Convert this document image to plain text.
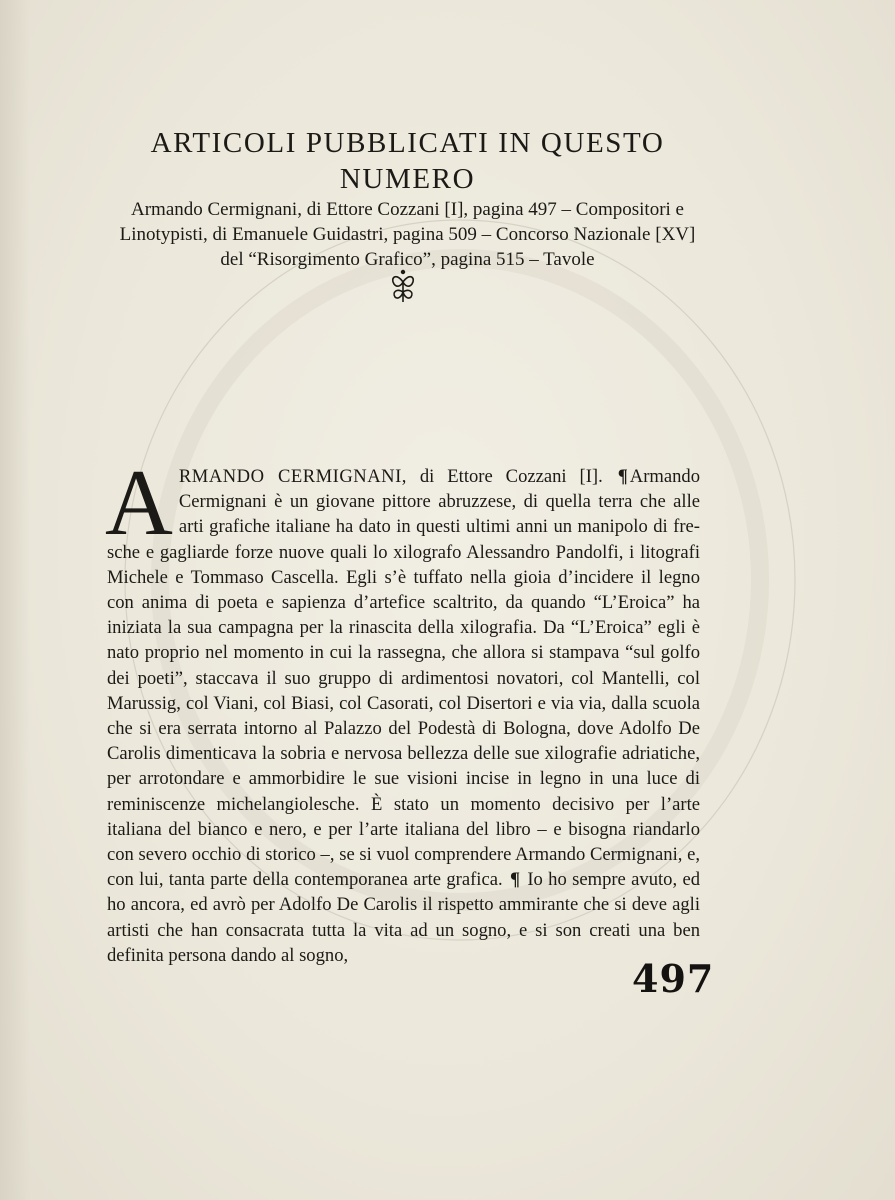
ARTICOLI PUBBLICATI IN QUESTO NUMERO

Armando Cermignani, di Ettore Cozzani [I], pagina 497 – Compositori e Linotypisti, di Emanuele Guidastri, pagina 509 – Concorso Nazionale [XV] del “Risorgimento Grafico”, pagina 515 – Tavole

ARMANDO CERMIGNANI, di Ettore Cozzani [I]. ¶ Armando Cermignani è un giovane pittore abruzzese, di quella terra che alle arti grafiche italiane ha dato in questi ultimi anni un manipolo di fresche e gagliarde forze nuove quali lo xilografo Alessandro Pandolfi, i litografi Michele e Tommaso Cascella. Egli s’è tuffato nella gioia d’incidere il legno con anima di poeta e sapienza d’artefice scaltrito, da quando “L’Eroica” ha iniziata la sua campagna per la rinascita della xilografia. Da “L’Eroica” egli è nato proprio nel momento in cui la rassegna, che allora si stampava “sul golfo dei poeti”, staccava il suo gruppo di ardimentosi novatori, col Mantelli, col Marussig, col Viani, col Biasi, col Casorati, col Disertori e via via, dalla scuola che si era serrata intorno al Palazzo del Podestà di Bologna, dove Adolfo De Carolis dimenticava la sobria e nervosa bellezza delle sue xilografie adriatiche, per arrotondare e ammorbidire le sue visioni incise in legno in una luce di reminiscenze michelangiolesche. È stato un momento decisivo per l’arte italiana del bianco e nero, e per l’arte italiana del libro – e bisogna riandarlo con severo occhio di storico –, se si vuol comprendere Armando Cermignani, e, con lui, tanta parte della contemporanea arte grafica. ¶ Io ho sempre avuto, ed ho ancora, ed avrò per Adolfo De Carolis il rispetto ammirante che si deve agli artisti che han consacrata tutta la vita ad un sogno, e si son creati una ben definita persona dando al sogno,
497
